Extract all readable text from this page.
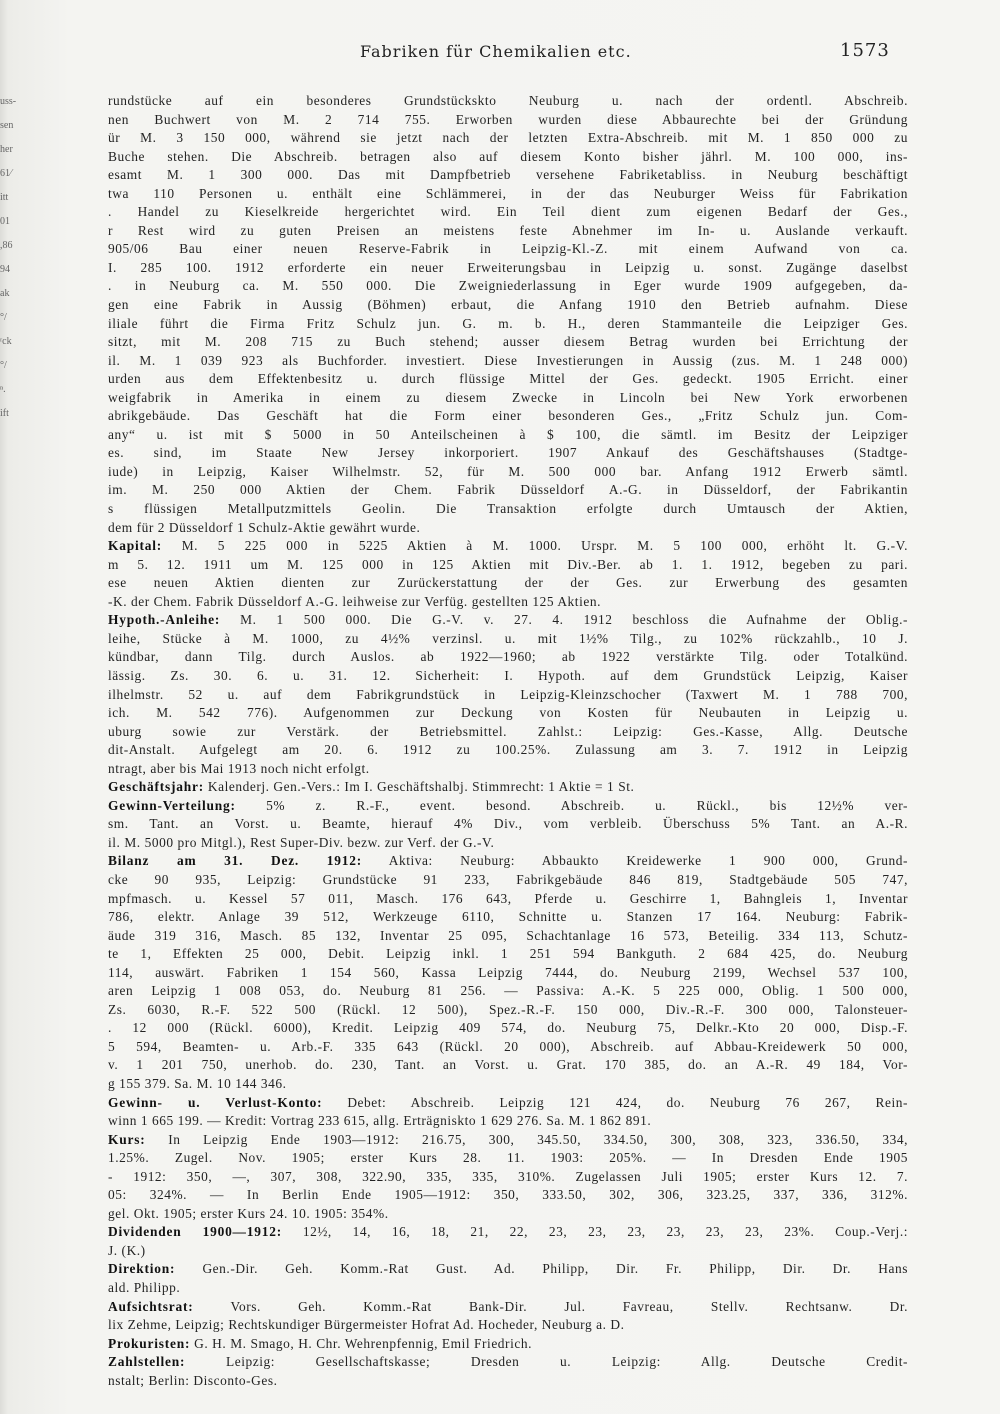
Fabriken für Chemikalien etc.	1573
uss-
sen
her
61⁄
itt
01
,86
94
ak
°/
ʳck
°/
ⁿ.
ift
rundstücke auf ein besonderes Grundstückskto Neuburg u. nach der ordentl. Abschreib.
nen Buchwert von M. 2 714 755. Erworben wurden diese Abbaurechte bei der Gründung
ür M. 3 150 000, während sie jetzt nach der letzten Extra-Abschreib. mit M. 1 850 000 zu
Buche stehen. Die Abschreib. betragen also auf diesem Konto bisher jährl. M. 100 000, ins-
esamt M. 1 300 000. Das mit Dampfbetrieb versehene Fabriketabliss. in Neuburg beschäftigt
twa 110 Personen u. enthält eine Schlämmerei, in der das Neuburger Weiss für Fabrikation
. Handel zu Kieselkreide hergerichtet wird. Ein Teil dient zum eigenen Bedarf der Ges.,
r Rest wird zu guten Preisen an meistens feste Abnehmer im In- u. Auslande verkauft.
905/06 Bau einer neuen Reserve-Fabrik in Leipzig-Kl.-Z. mit einem Aufwand von ca.
I. 285 100. 1912 erforderte ein neuer Erweiterungsbau in Leipzig u. sonst. Zugänge daselbst
. in Neuburg ca. M. 550 000. Die Zweigniederlassung in Eger wurde 1909 aufgegeben, da-
gen eine Fabrik in Aussig (Böhmen) erbaut, die Anfang 1910 den Betrieb aufnahm. Diese
iliale führt die Firma Fritz Schulz jun. G. m. b. H., deren Stammanteile die Leipziger Ges.
sitzt, mit M. 208 715 zu Buch stehend; ausser diesem Betrag wurden bei Errichtung der
il. M. 1 039 923 als Buchforder. investiert. Diese Investierungen in Aussig (zus. M. 1 248 000)
urden aus dem Effektenbesitz u. durch flüssige Mittel der Ges. gedeckt. 1905 Erricht. einer
weigfabrik in Amerika in einem zu diesem Zwecke in Lincoln bei New York erworbenen
abrikgebäude. Das Geschäft hat die Form einer besonderen Ges., „Fritz Schulz jun. Com-
any“ u. ist mit $ 5000 in 50 Anteilscheinen à $ 100, die sämtl. im Besitz der Leipziger
es. sind, im Staate New Jersey inkorporiert. 1907 Ankauf des Geschäftshauses (Stadtge-
iude) in Leipzig, Kaiser Wilhelmstr. 52, für M. 500 000 bar. Anfang 1912 Erwerb sämtl.
im. M. 250 000 Aktien der Chem. Fabrik Düsseldorf A.-G. in Düsseldorf, der Fabrikantin
s flüssigen Metallputzmittels Geolin. Die Transaktion erfolgte durch Umtausch der Aktien,
dem für 2 Düsseldorf 1 Schulz-Aktie gewährt wurde.
Kapital: M. 5 225 000 in 5225 Aktien à M. 1000. Urspr. M. 5 100 000, erhöht lt. G.-V.
m 5. 12. 1911 um M. 125 000 in 125 Aktien mit Div.-Ber. ab 1. 1. 1912, begeben zu pari.
ese neuen Aktien dienten zur Zurückerstattung der der Ges. zur Erwerbung des gesamten
-K. der Chem. Fabrik Düsseldorf A.-G. leihweise zur Verfüg. gestellten 125 Aktien.
Hypoth.-Anleihe: M. 1 500 000. Die G.-V. v. 27. 4. 1912 beschloss die Aufnahme der Oblig.-
leihe, Stücke à M. 1000, zu 4½% verzinsl. u. mit 1½% Tilg., zu 102% rückzahlb., 10 J.
kündbar, dann Tilg. durch Auslos. ab 1922—1960; ab 1922 verstärkte Tilg. oder Totalkünd.
lässig. Zs. 30. 6. u. 31. 12. Sicherheit: I. Hypoth. auf dem Grundstück Leipzig, Kaiser
ilhelmstr. 52 u. auf dem Fabrikgrundstück in Leipzig-Kleinzschocher (Taxwert M. 1 788 700,
ich. M. 542 776). Aufgenommen zur Deckung von Kosten für Neubauten in Leipzig u.
uburg sowie zur Verstärk. der Betriebsmittel. Zahlst.: Leipzig: Ges.-Kasse, Allg. Deutsche
dit-Anstalt. Aufgelegt am 20. 6. 1912 zu 100.25%. Zulassung am 3. 7. 1912 in Leipzig
ntragt, aber bis Mai 1913 noch nicht erfolgt.
Geschäftsjahr: Kalenderj. Gen.-Vers.: Im I. Geschäftshalbj. Stimmrecht: 1 Aktie = 1 St.
Gewinn-Verteilung: 5% z. R.-F., event. besond. Abschreib. u. Rückl., bis 12½% ver-
sm. Tant. an Vorst. u. Beamte, hierauf 4% Div., vom verbleib. Überschuss 5% Tant. an A.-R.
il. M. 5000 pro Mitgl.), Rest Super-Div. bezw. zur Verf. der G.-V.
Bilanz am 31. Dez. 1912: Aktiva: Neuburg: Abbaukto Kreidewerke 1 900 000, Grund-
cke 90 935, Leipzig: Grundstücke 91 233, Fabrikgebäude 846 819, Stadtgebäude 505 747,
mpfmasch. u. Kessel 57 011, Masch. 176 643, Pferde u. Geschirre 1, Bahngleis 1, Inventar
786, elektr. Anlage 39 512, Werkzeuge 6110, Schnitte u. Stanzen 17 164. Neuburg: Fabrik-
äude 319 316, Masch. 85 132, Inventar 25 095, Schachtanlage 16 573, Beteilig. 334 113, Schutz-
te 1, Effekten 25 000, Debit. Leipzig inkl. 1 251 594 Bankguth. 2 684 425, do. Neuburg
114, auswärt. Fabriken 1 154 560, Kassa Leipzig 7444, do. Neuburg 2199, Wechsel 537 100,
aren Leipzig 1 008 053, do. Neuburg 81 256. — Passiva: A.-K. 5 225 000, Oblig. 1 500 000,
Zs. 6030, R.-F. 522 500 (Rückl. 12 500), Spez.-R.-F. 150 000, Div.-R.-F. 300 000, Talonsteuer-
. 12 000 (Rückl. 6000), Kredit. Leipzig 409 574, do. Neuburg 75, Delkr.-Kto 20 000, Disp.-F.
5 594, Beamten- u. Arb.-F. 335 643 (Rückl. 20 000), Abschreib. auf Abbau-Kreidewerk 50 000,
v. 1 201 750, unerhob. do. 230, Tant. an Vorst. u. Grat. 170 385, do. an A.-R. 49 184, Vor-
g 155 379. Sa. M. 10 144 346.
Gewinn- u. Verlust-Konto: Debet: Abschreib. Leipzig 121 424, do. Neuburg 76 267, Rein-
winn 1 665 199. — Kredit: Vortrag 233 615, allg. Erträgniskto 1 629 276. Sa. M. 1 862 891.
Kurs: In Leipzig Ende 1903—1912: 216.75, 300, 345.50, 334.50, 300, 308, 323, 336.50, 334,
1.25%. Zugel. Nov. 1905; erster Kurs 28. 11. 1903: 205%. — In Dresden Ende 1905
- 1912: 350, —, 307, 308, 322.90, 335, 335, 310%. Zugelassen Juli 1905; erster Kurs 12. 7.
05: 324%. — In Berlin Ende 1905—1912: 350, 333.50, 302, 306, 323.25, 337, 336, 312%.
gel. Okt. 1905; erster Kurs 24. 10. 1905: 354%.
Dividenden 1900—1912: 12½, 14, 16, 18, 21, 22, 23, 23, 23, 23, 23, 23, 23%. Coup.-Verj.:
J. (K.)
Direktion: Gen.-Dir. Geh. Komm.-Rat Gust. Ad. Philipp, Dir. Fr. Philipp, Dir. Dr. Hans
ald. Philipp.
Aufsichtsrat: Vors. Geh. Komm.-Rat Bank-Dir. Jul. Favreau, Stellv. Rechtsanw. Dr.
lix Zehme, Leipzig; Rechtskundiger Bürgermeister Hofrat Ad. Hocheder, Neuburg a. D.
Prokuristen: G. H. M. Smago, H. Chr. Wehrenpfennig, Emil Friedrich.
Zahlstellen: Leipzig: Gesellschaftskasse; Dresden u. Leipzig: Allg. Deutsche Credit-
nstalt; Berlin: Disconto-Ges.
